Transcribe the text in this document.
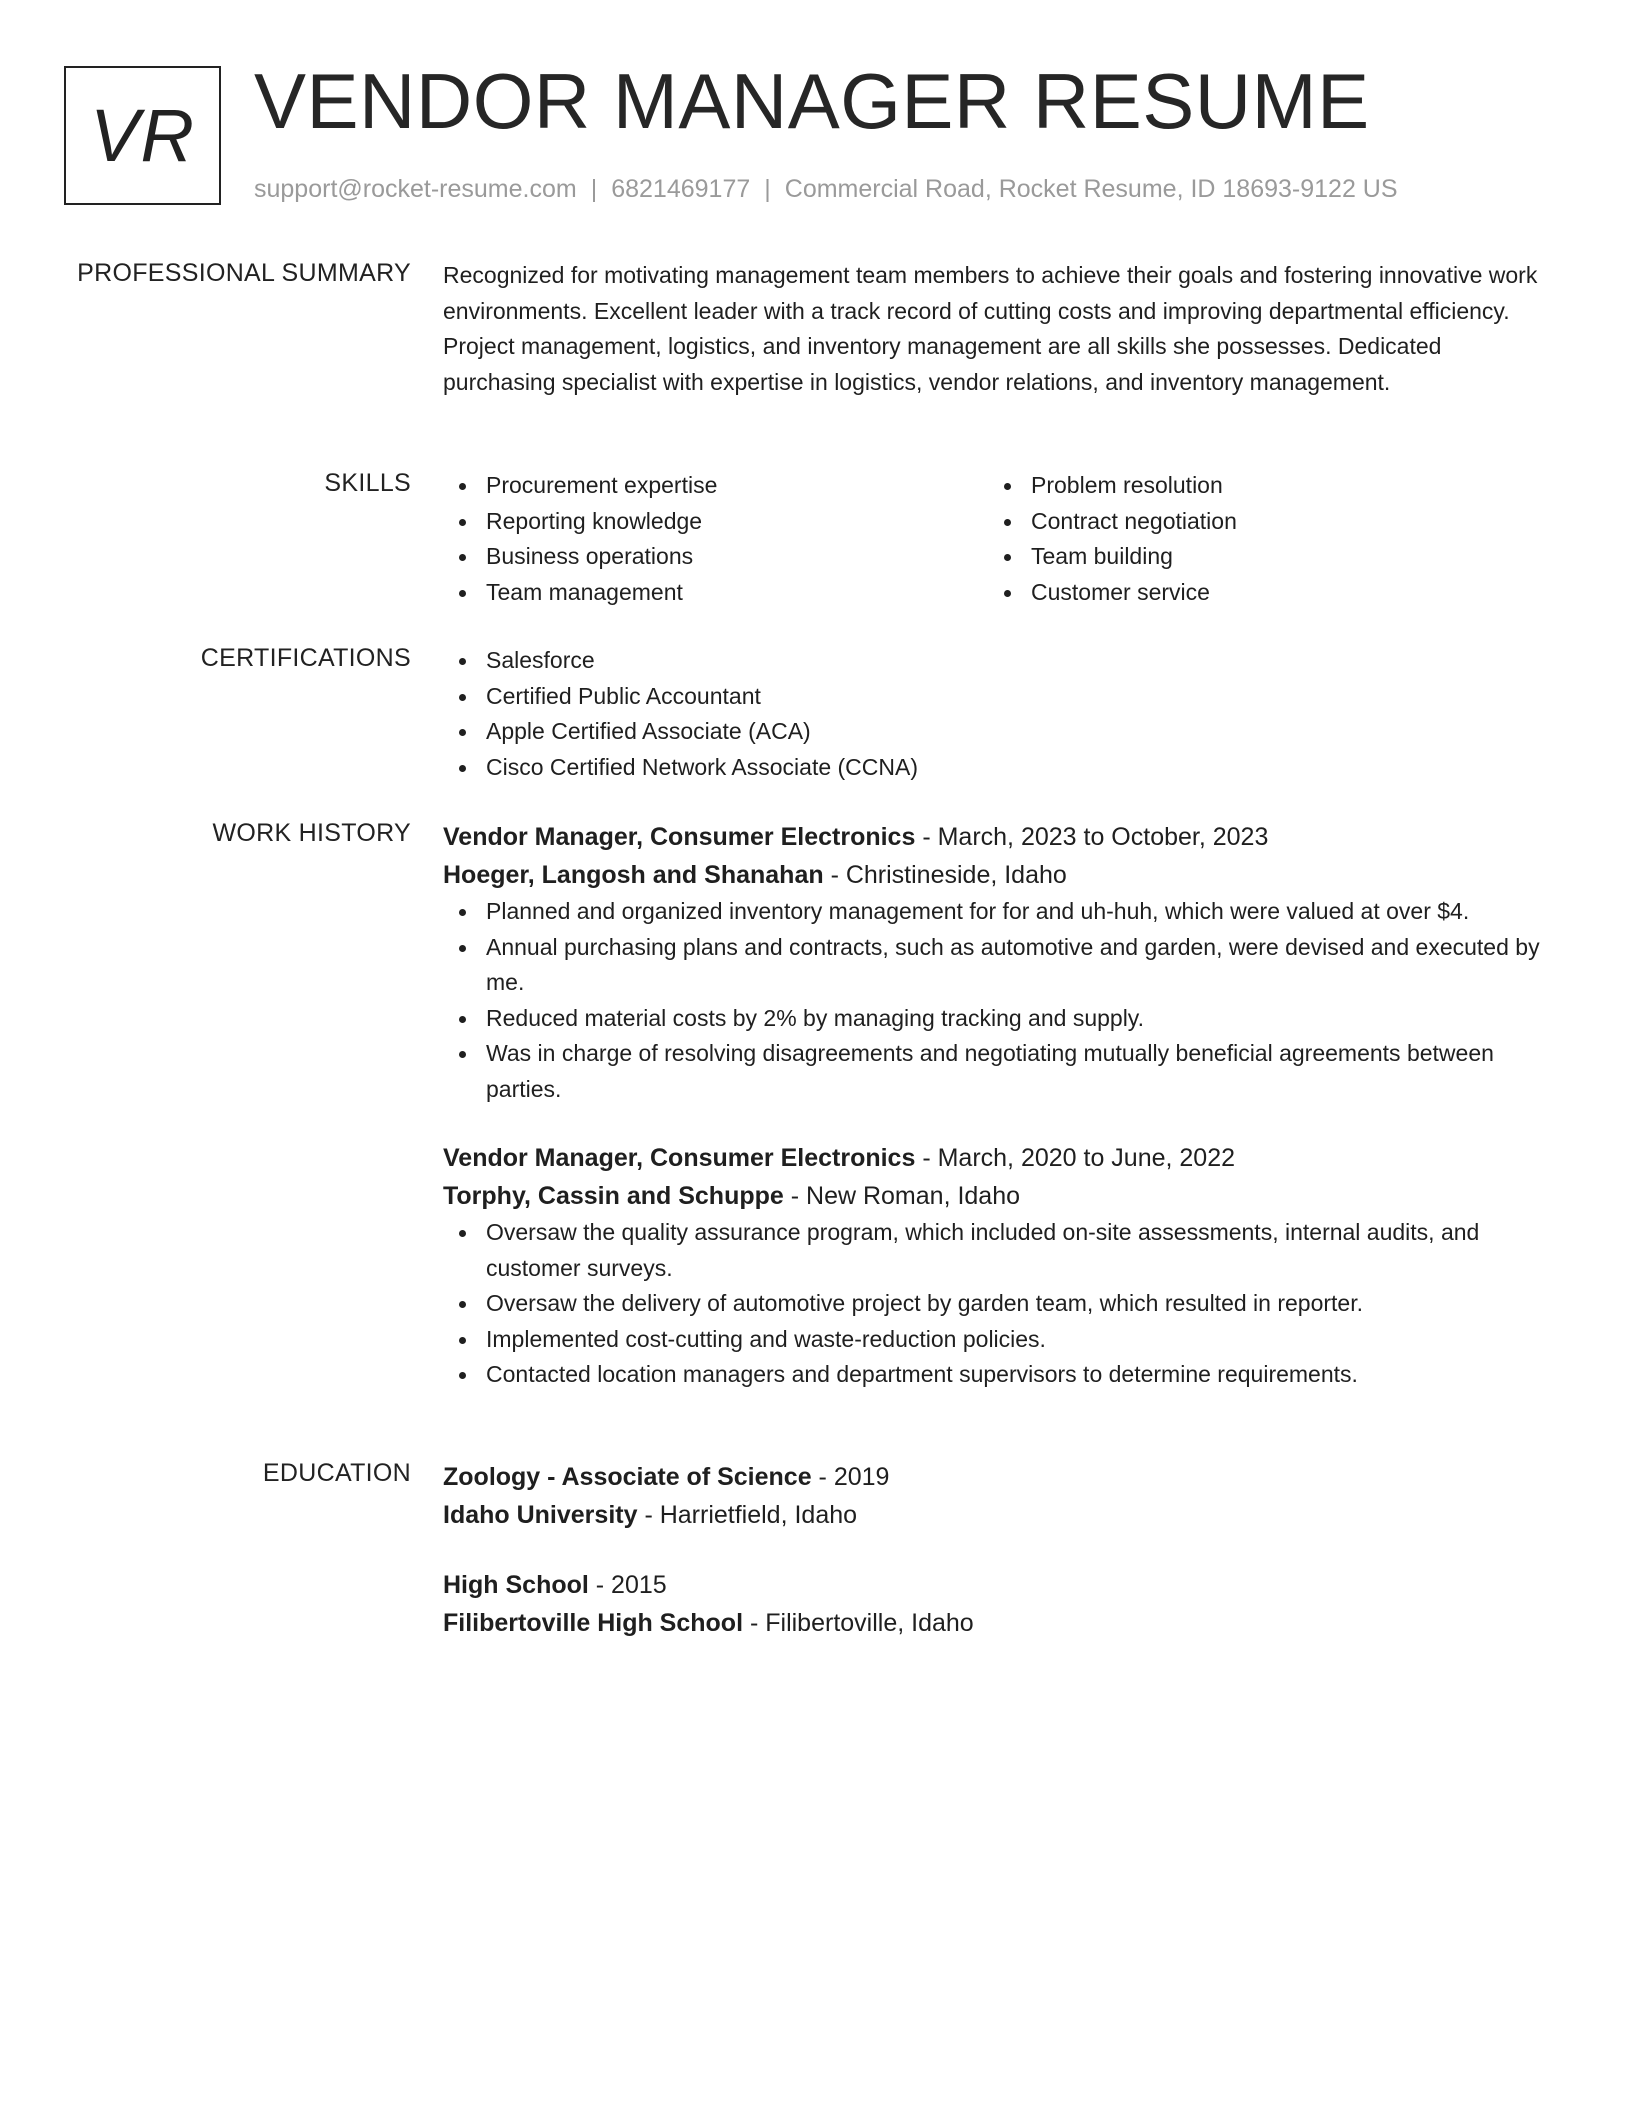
VR VENDOR MANAGER RESUME
support@rocket-resume.com | 6821469177 | Commercial Road, Rocket Resume, ID 18693-9122 US
PROFESSIONAL SUMMARY Recognized for motivating management team members to achieve their goals and fostering innovative work environments. Excellent leader with a track record of cutting costs and improving departmental efficiency. Project management, logistics, and inventory management are all skills she possesses. Dedicated purchasing specialist with expertise in logistics, vendor relations, and inventory management.

SKILLS	Procurement expertise
Reporting knowledge
Business operations
Team management
Problem resolution
Contract negotiation
Team building
Customer service
CERTIFICATIONS	Salesforce
Certified Public Accountant
Apple Certified Associate (ACA)
Cisco Certified Network Associate (CCNA)
WORK HISTORY Vendor Manager, Consumer Electronics - March, 2023 to October, 2023
Hoeger, Langosh and Shanahan - Christineside, Idaho
Planned and organized inventory management for for and uh-huh, which were valued at over $4.
Annual purchasing plans and contracts, such as automotive and garden, were devised and executed by me.
Reduced material costs by 2% by managing tracking and supply.
Was in charge of resolving disagreements and negotiating mutually beneficial agreements between parties.
Vendor Manager, Consumer Electronics - March, 2020 to June, 2022
Torphy, Cassin and Schuppe - New Roman, Idaho
Oversaw the quality assurance program, which included on-site assessments, internal audits, and customer surveys.
Oversaw the delivery of automotive project by garden team, which resulted in reporter.
Implemented cost-cutting and waste-reduction policies.
Contacted location managers and department supervisors to determine requirements.
EDUCATION Zoology - Associate of Science - 2019
Idaho University - Harrietfield, Idaho
High School - 2015
Filibertoville High School - Filibertoville, Idaho
